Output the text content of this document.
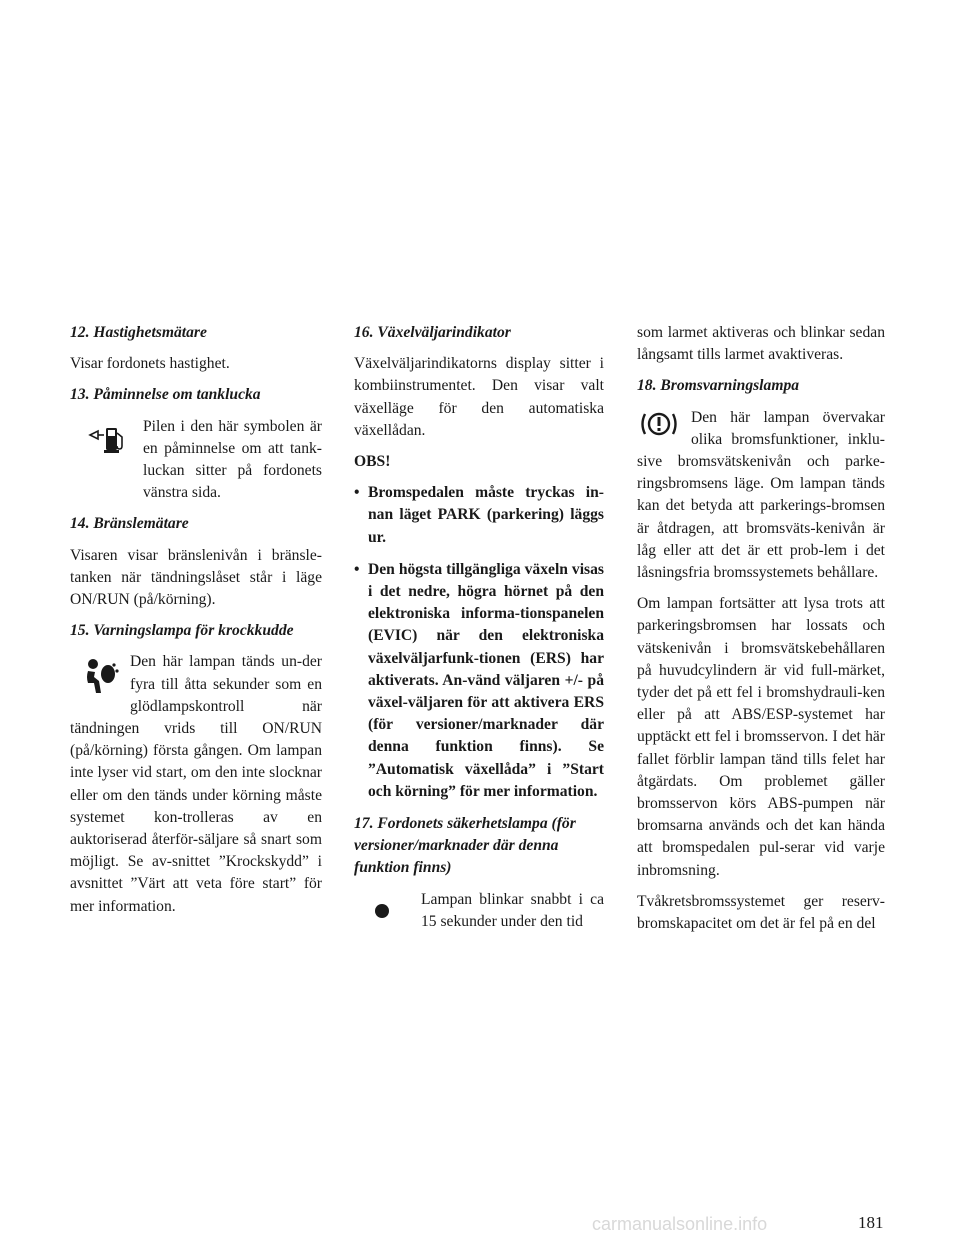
12. Hastighetsmätare

Visar fordonets hastighet.

13. Påminnelse om tanklucka

Pilen i den här symbolen är en påminnelse om att tank-luckan sitter på fordonets vänstra sida.

14. Bränslemätare

Visaren visar bränslenivån i bränsle-tanken när tändningslåset står i läge ON/RUN (på/körning).

15. Varningslampa för krockkudde

Den här lampan tänds un-der fyra till åtta sekunder som en glödlampskontroll när tändningen vrids till ON/RUN (på/körning) första gången. Om lampan inte lyser vid start, om den inte slocknar eller om den tänds under körning måste systemet kon-trolleras av en auktoriserad återför-säljare så snart som möjligt. Se av-snittet ”Krockskydd” i avsnittet ”Värt att veta före start” för mer information.

16. Växelväljarindikator

Växelväljarindikatorns display sitter i kombiinstrumentet. Den visar valt växelläge för den automatiska växellådan.

OBS!

• Bromspedalen måste tryckas in-nan läget PARK (parkering) läggs ur.
• Den högsta tillgängliga växeln visas i det nedre, högra hörnet på den elektroniska informa-tionspanelen (EVIC) när den elektroniska växelväljarfunk-tionen (ERS) har aktiverats. An-vänd väljaren +/- på växel-väljaren för att aktivera ERS (för versioner/marknader där denna funktion finns). Se ”Automatisk växellåda” i ”Start och körning” för mer information.
17. Fordonets säkerhetslampa (för versioner/marknader där denna funktion finns)

Lampan blinkar snabbt i ca 15 sekunder under den tid

som larmet aktiveras och blinkar sedan långsamt tills larmet avaktiveras.

18. Bromsvarningslampa

Den här lampan övervakar olika bromsfunktioner, inklu-sive bromsvätskenivån och parke-ringsbromsens läge. Om lampan tänds kan det betyda att parkerings-bromsen är åtdragen, att bromsväts-kenivån är låg eller att det är ett prob-lem i det låsningsfria bromssystemets behållare.

Om lampan fortsätter att lysa trots att parkeringsbromsen har lossats och vätskenivån i bromsvätskebehållaren på huvudcylindern är vid full-märket, tyder det på ett fel i bromshydrauli-ken eller på att ABS/ESP-systemet har upptäckt ett fel i bromsservon. I det här fallet förblir lampan tänd tills felet har åtgärdats. Om problemet gäller bromsservon körs ABS-pumpen när bromsarna används och det kan hända att bromspedalen pul-serar vid varje inbromsning.

Tvåkretsbromssystemet ger reserv-bromskapacitet om det är fel på en del

carmanualsonline.info	181
